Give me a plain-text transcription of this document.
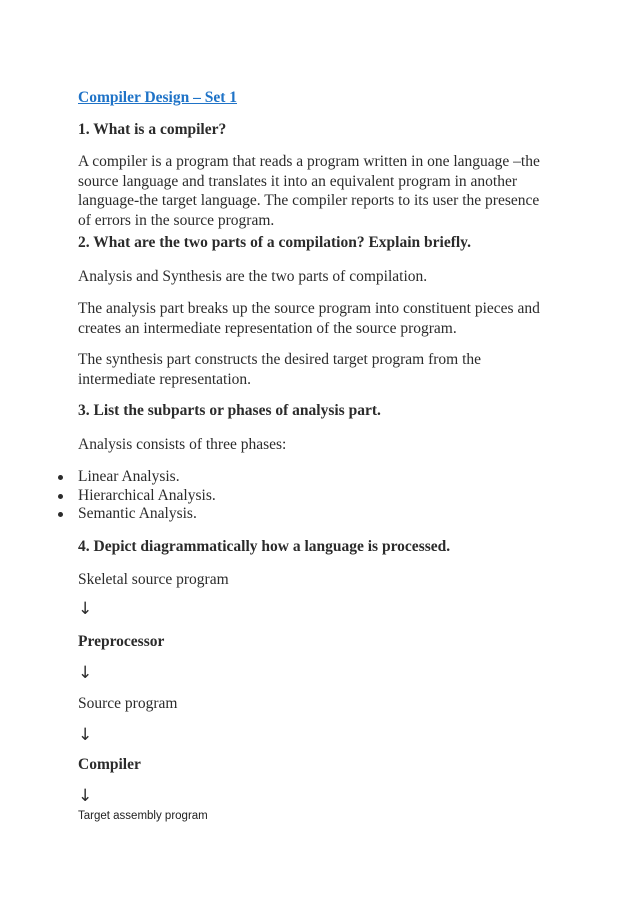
Compiler Design – Set 1

1. What is a compiler?

A compiler is a program that reads a program written in one language –the

source language and translates it into an equivalent program in another

language-the target language. The compiler reports to its user the presence

of errors in the source program.

2. What are the two parts of a compilation? Explain briefly.

Analysis and Synthesis are the two parts of compilation.

The analysis part breaks up the source program into constituent pieces and

creates an intermediate representation of the source program.

The synthesis part constructs the desired target program from the

intermediate representation.

3. List the subparts or phases of analysis part.

Analysis consists of three phases:

Linear Analysis.
Hierarchical Analysis.
Semantic Analysis.

4. Depict diagrammatically how a language is processed.

Skeletal source program

↓

Preprocessor

↓

Source program

↓

Compiler

↓

Target assembly program
